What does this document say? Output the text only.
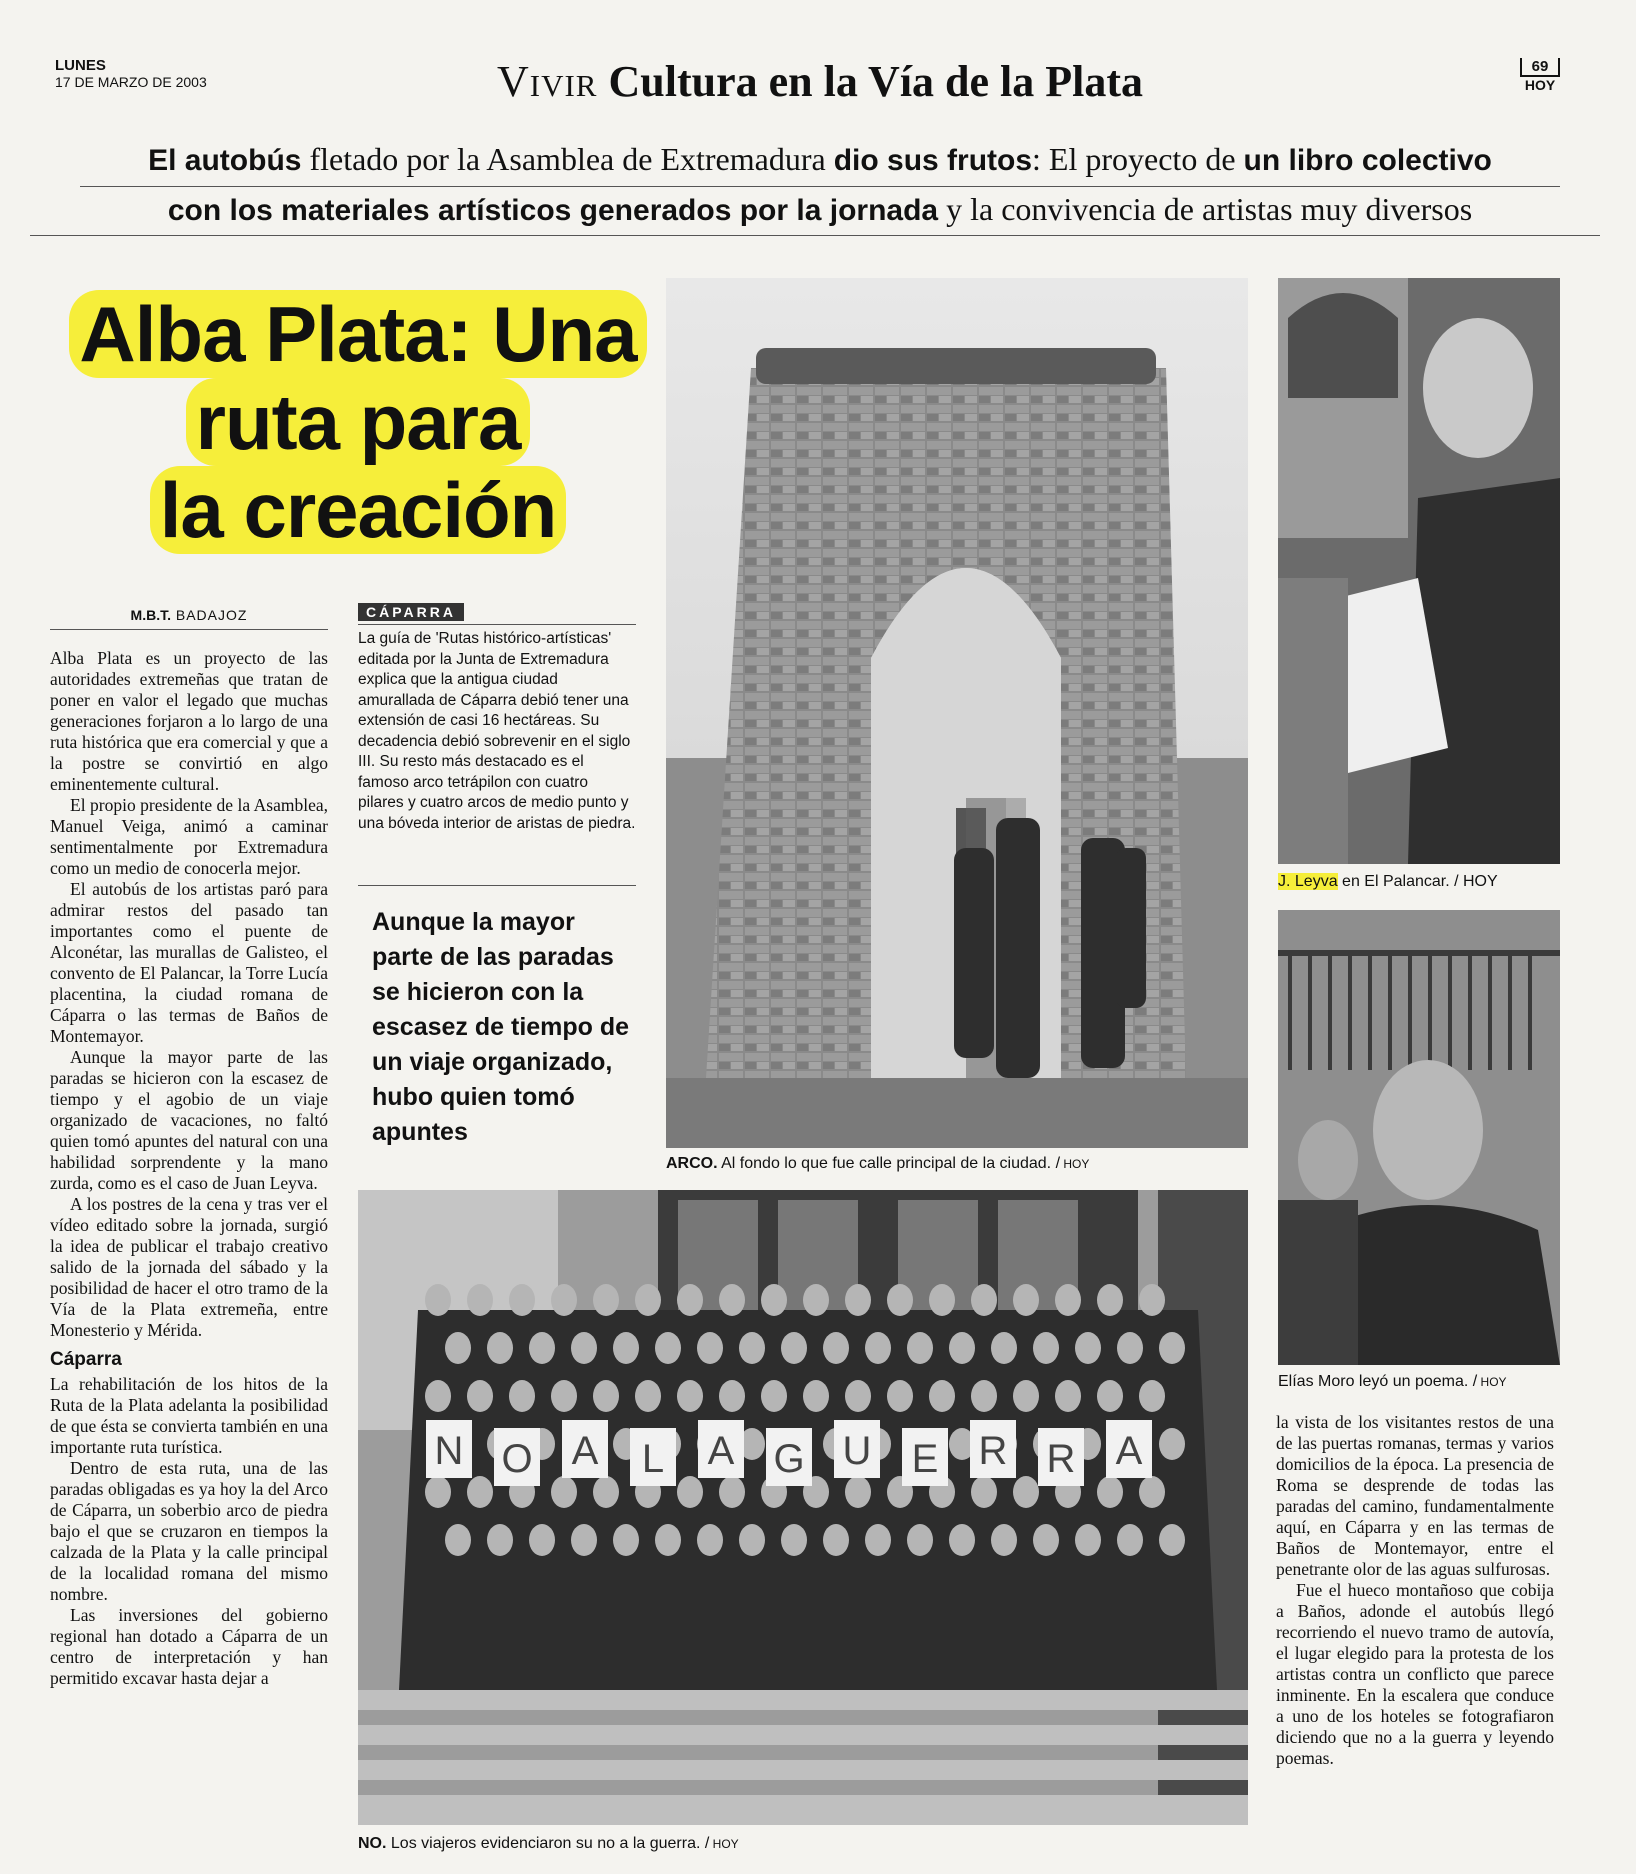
LUNES
17 DE MARZO DE 2003	Vivir Cultura en la Vía de la Plata	69
HOY
El autobús fletado por la Asamblea de Extremadura dio sus frutos: El proyecto de un libro colectivo
con los materiales artísticos generados por la jornada y la convivencia de artistas muy diversos
Alba Plata: Una
ruta para
la creación
M.B.T. BADAJOZ

Alba Plata es un proyecto de las autoridades extremeñas que tratan de poner en valor el legado que muchas generaciones forjaron a lo largo de una ruta histórica que era comercial y que a la postre se convirtió en algo eminentemente cultural.

El propio presidente de la Asamblea, Manuel Veiga, animó a caminar sentimentalmente por Extremadura como un medio de conocerla mejor.

El autobús de los artistas paró para admirar restos del pasado tan importantes como el puente de Alconétar, las murallas de Galisteo, el convento de El Palancar, la Torre Lucía placentina, la ciudad romana de Cáparra o las termas de Baños de Montemayor.

Aunque la mayor parte de las paradas se hicieron con la escasez de tiempo y el agobio de un viaje organizado de vacaciones, no faltó quien tomó apuntes del natural con una habilidad sorprendente y la mano zurda, como es el caso de Juan Leyva.

A los postres de la cena y tras ver el vídeo editado sobre la jornada, surgió la idea de publicar el trabajo creativo salido de la jornada del sábado y la posibilidad de hacer el otro tramo de la Vía de la Plata extremeña, entre Monesterio y Mérida.

Cáparra

La rehabilitación de los hitos de la Ruta de la Plata adelanta la posibilidad de que ésta se convierta también en una importante ruta turística.

Dentro de esta ruta, una de las paradas obligadas es ya hoy la del Arco de Cáparra, un soberbio arco de piedra bajo el que se cruzaron en tiempos la calzada de la Plata y la calle principal de la localidad romana del mismo nombre.

Las inversiones del gobierno regional han dotado a Cáparra de un centro de interpretación y han permitido excavar hasta dejar a

CÁPARRA
La guía de 'Rutas histórico-artísticas' editada por la Junta de Extremadura explica que la antigua ciudad amurallada de Cáparra debió tener una extensión de casi 16 hectáreas. Su decadencia debió sobrevenir en el siglo III. Su resto más destacado es el famoso arco tetrápilon con cuatro pilares y cuatro arcos de medio punto y una bóveda interior de aristas de piedra.
Aunque la mayor parte de las paradas se hicieron con la escasez de tiempo de un viaje organizado, hubo quien tomó apuntes
ARCO. Al fondo lo que fue calle principal de la ciudad. / HOY
J. Leyva en El Palancar. / HOY
Elías Moro leyó un poema. / HOY
N O A L A G U E R R A
NO. Los viajeros evidenciaron su no a la guerra. / HOY

la vista de los visitantes restos de una de las puertas romanas, termas y varios domicilios de la época. La presencia de Roma se desprende de todas las paradas del camino, fundamentalmente aquí, en Cáparra y en las termas de Baños de Montemayor, entre el penetrante olor de las aguas sulfurosas.

Fue el hueco montañoso que cobija a Baños, adonde el autobús llegó recorriendo el nuevo tramo de autovía, el lugar elegido para la protesta de los artistas contra un conflicto que parece inminente. En la escalera que conduce a uno de los hoteles se fotografiaron diciendo que no a la guerra y leyendo poemas.
